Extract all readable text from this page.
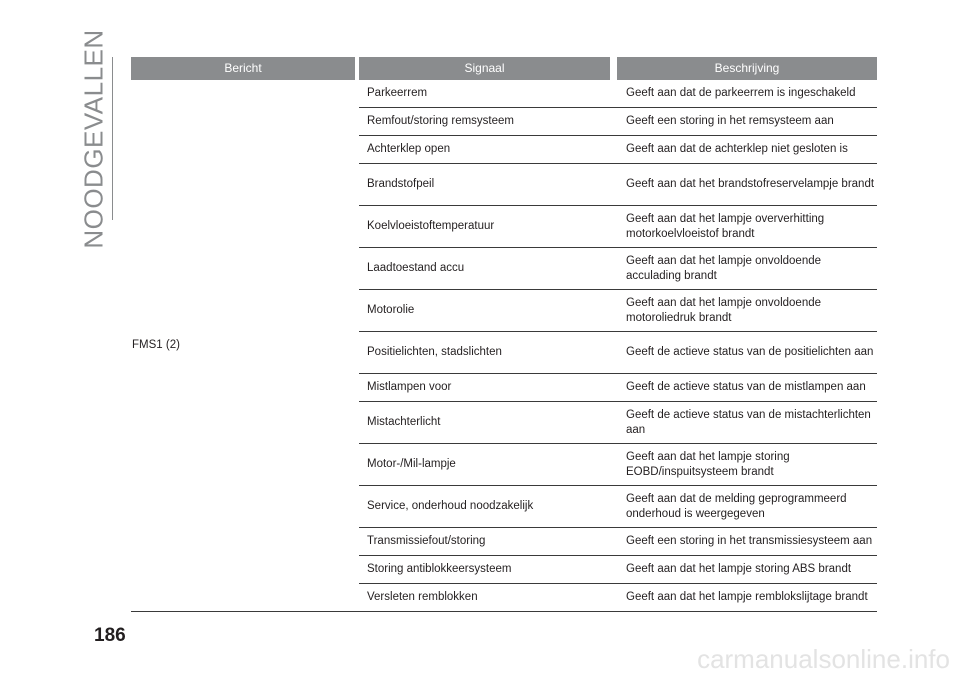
NOODGEVALLEN	Bericht	Signaal	Beschrijving

FMS1 (2)	Parkeerrem	Geeft aan dat de parkeerrem is ingeschakeld
	Remfout/storing remsysteem	Geeft een storing in het remsysteem aan
	Achterklep open	Geeft aan dat de achterklep niet gesloten is
	Brandstofpeil	Geeft aan dat het brandstofreservelampje brandt
	Koelvloeistoftemperatuur	Geeft aan dat het lampje oververhitting motorkoelvloeistof brandt
	Laadtoestand accu	Geeft aan dat het lampje onvoldoende acculading brandt
	Motorolie	Geeft aan dat het lampje onvoldoende motoroliedruk brandt
	Positielichten, stadslichten	Geeft de actieve status van de positielichten aan
	Mistlampen voor	Geeft de actieve status van de mistlampen aan
	Mistachterlicht	Geeft de actieve status van de mistachterlichten aan
	Motor-/Mil-lampje	Geeft aan dat het lampje storing EOBD/inspuitsysteem brandt
	Service, onderhoud noodzakelijk	Geeft aan dat de melding geprogrammeerd onderhoud is weergegeven
	Transmissiefout/storing	Geeft een storing in het transmissiesysteem aan
	Storing antiblokkeersysteem	Geeft aan dat het lampje storing ABS brandt
	Versleten remblokken	Geeft aan dat het lampje remblokslijtage brandt
186
carmanualsonline.info
